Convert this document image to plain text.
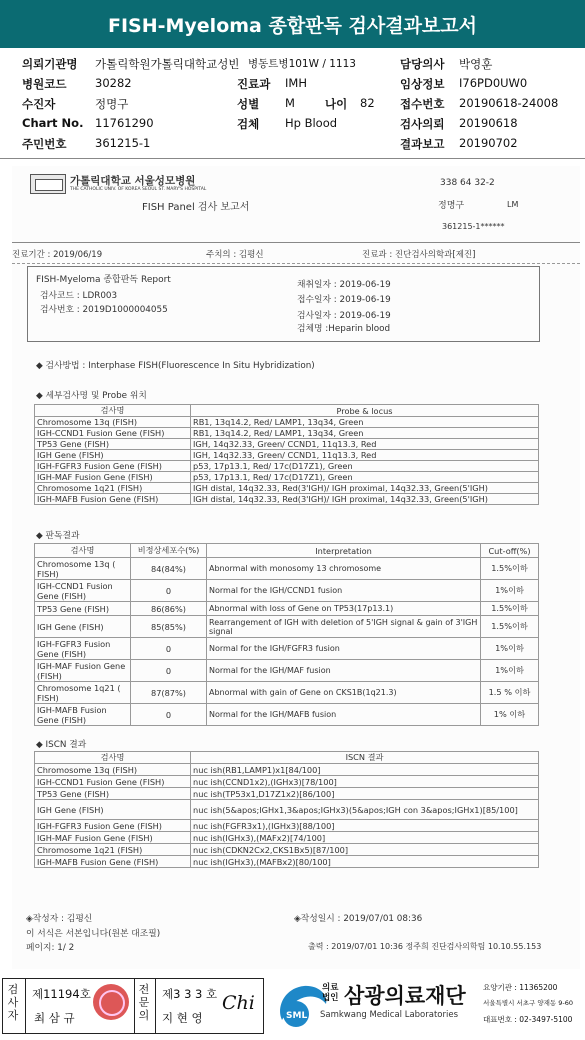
FISH-Myeloma 종합판독 검사결과보고서
의뢰기관명 가톨릭학원가톨릭대학교성빈 병동트병101W / 1113	담당의사 박영훈
병원코드 30282	진료과 IMH	임상정보 I76PD0UW0
수진자	정명구	성별 M	나이 82 접수번호 20190618-24008
Chart No. 11761290	검체 Hp Blood	검사의뢰 20190618
주민번호 361215-1	결과보고 20190702
가톨릭대학교 서울성모병원
THE CATHOLIC UNIV. OF KOREA SEOUL ST. MARY'S HOSPITAL
338 64 32-2
FISH Panel 검사 보고서	정명구	LM
361215-1******
진료기간 : 2019/06/19	주치의 : 김평신	진료과 : 진단검사의학과[제진]
FISH-Myeloma 종합판독 Report
검사코드 : LDR003
검사번호 : 2019D1000004055
채취일자 : 2019-06-19
접수일자 : 2019-06-19
검사일자 : 2019-06-19
검체명 :Heparin blood
◆ 검사방법 : Interphase FISH(Fluorescence In Situ Hybridization)
◆ 세부검사명 및 Probe 위치
검사명	Probe & locus
Chromosome 13q (FISH)	RB1, 13q14.2, Red/ LAMP1, 13q34, Green
IGH-CCND1 Fusion Gene (FISH)	RB1, 13q14.2, Red/ LAMP1, 13q34, Green
TP53 Gene (FISH)	IGH, 14q32.33, Green/ CCND1, 11q13.3, Red
IGH Gene (FISH)	IGH, 14q32.33, Green/ CCND1, 11q13.3, Red
IGH-FGFR3 Fusion Gene (FISH)	p53, 17p13.1, Red/ 17c(D17Z1), Green
IGH-MAF Fusion Gene (FISH)	p53, 17p13.1, Red/ 17c(D17Z1), Green
Chromosome 1q21 (FISH)	IGH distal, 14q32.33, Red(3'IGH)/ IGH proximal, 14q32.33, Green(5'IGH)
IGH-MAFB Fusion Gene (FISH)	IGH distal, 14q32.33, Red(3'IGH)/ IGH proximal, 14q32.33, Green(5'IGH)
◆ 판독결과
검사명	비정상세포수(%)	Interpretation	Cut-off(%)
Chromosome 13q ( FISH)	84(84%)	Abnormal with monosomy 13 chromosome	1.5%이하
IGH-CCND1 Fusion Gene (FISH)	0	Normal for the IGH/CCND1 fusion	1%이하
TP53 Gene (FISH)	86(86%)	Abnormal with loss of Gene on TP53(17p13.1)	1.5%이하
IGH Gene (FISH)	85(85%)	Rearrangement of IGH with deletion of 5'IGH signal & gain of 3'IGH signal	1.5%이하
IGH-FGFR3 Fusion Gene (FISH)	0	Normal for the IGH/FGFR3 fusion	1%이하
IGH-MAF Fusion Gene (FISH)	0	Normal for the IGH/MAF fusion	1%이하
Chromosome 1q21 ( FISH)	87(87%)	Abnormal with gain of Gene on CKS1B(1q21.3)	1.5 % 이하
IGH-MAFB Fusion Gene (FISH)	0	Normal for the IGH/MAFB fusion	1% 이하
◆ ISCN 결과
검사명	ISCN 결과
Chromosome 13q (FISH)	nuc ish(RB1,LAMP1)x1[84/100]
IGH-CCND1 Fusion Gene (FISH)	nuc ish(CCND1x2),(IGHx3)[78/100]
TP53 Gene (FISH)	nuc ish(TP53x1,D17Z1x2)[86/100]
IGH Gene (FISH)	nuc ish(5&apos;IGHx1,3&apos;IGHx3)(5&apos;IGH con 3&apos;IGHx1)[85/100]
IGH-FGFR3 Fusion Gene (FISH)	nuc ish(FGFR3x1),(IGHx3)[88/100]
IGH-MAF Fusion Gene (FISH)	nuc ish(IGHx3),(MAFx2)[74/100]
Chromosome 1q21 (FISH)	nuc ish(CDKN2Cx2,CKS1Bx5)[87/100]
IGH-MAFB Fusion Gene (FISH)	nuc ish(IGHx3),(MAFBx2)[80/100]
◈작성자 : 김평신	◈작성일시 : 2019/07/01 08:36
이 서식은 서본입니다(원본 대조필)
페이지: 1/ 2	출력 : 2019/07/01 10:36 정주희 진단검사의학팀 10.10.55.153
검사자
제11194호
최 삼 규
전문의
제3 3 3 호
지 현 영
Chi
SML
의료법인 삼광의료재단
Samkwang Medical Laboratories
요양기관 : 11365200
서울특별시 서초구 양재동 9-60
대표번호 : 02-3497-5100
